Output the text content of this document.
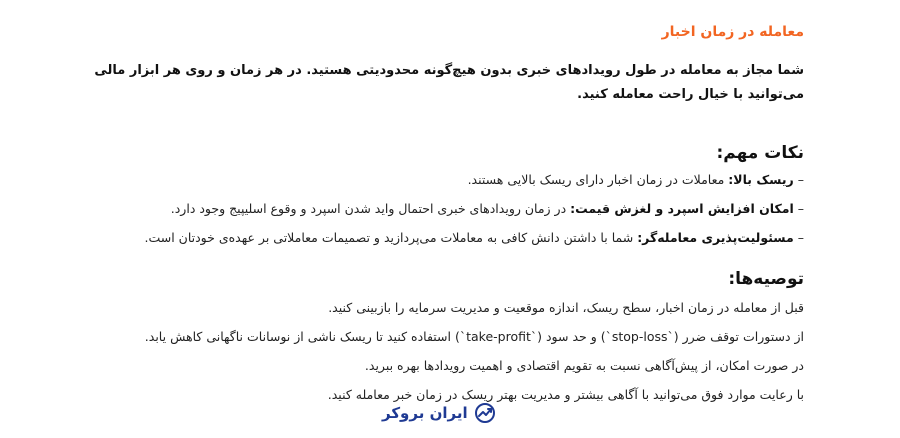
معامله در زمان اخبار

شما مجاز به معامله در طول رویدادهای خبری بدون هیچ‌گونه محدودیتی هستید. در هر زمان و روی هر ابزار مالی می‌توانید با خیال راحت معامله کنید.

نکات مهم:

– ریسک بالا: معاملات در زمان اخبار دارای ریسک بالایی هستند.

– امکان افزایش اسپرد و لغزش قیمت: در زمان رویدادهای خبری احتمال واید شدن اسپرد و وقوع اسلیپیج وجود دارد.

– مسئولیت‌پذیری معامله‌گر: شما با داشتن دانش کافی به معاملات می‌پردازید و تصمیمات معاملاتی بر عهده‌ی خودتان است.

توصیه‌ها:

قبل از معامله در زمان اخبار، سطح ریسک، اندازه موقعیت و مدیریت سرمایه را بازبینی کنید.

از دستورات توقف ضرر (`stop-loss`) و حد سود (`take-profit`) استفاده کنید تا ریسک ناشی از نوسانات ناگهانی کاهش یابد.

در صورت امکان، از پیش‌آگاهی نسبت به تقویم اقتصادی و اهمیت رویدادها بهره ببرید.

با رعایت موارد فوق می‌توانید با آگاهی بیشتر و مدیریت بهتر ریسک در زمان خبر معامله کنید.

ایران بروکر
